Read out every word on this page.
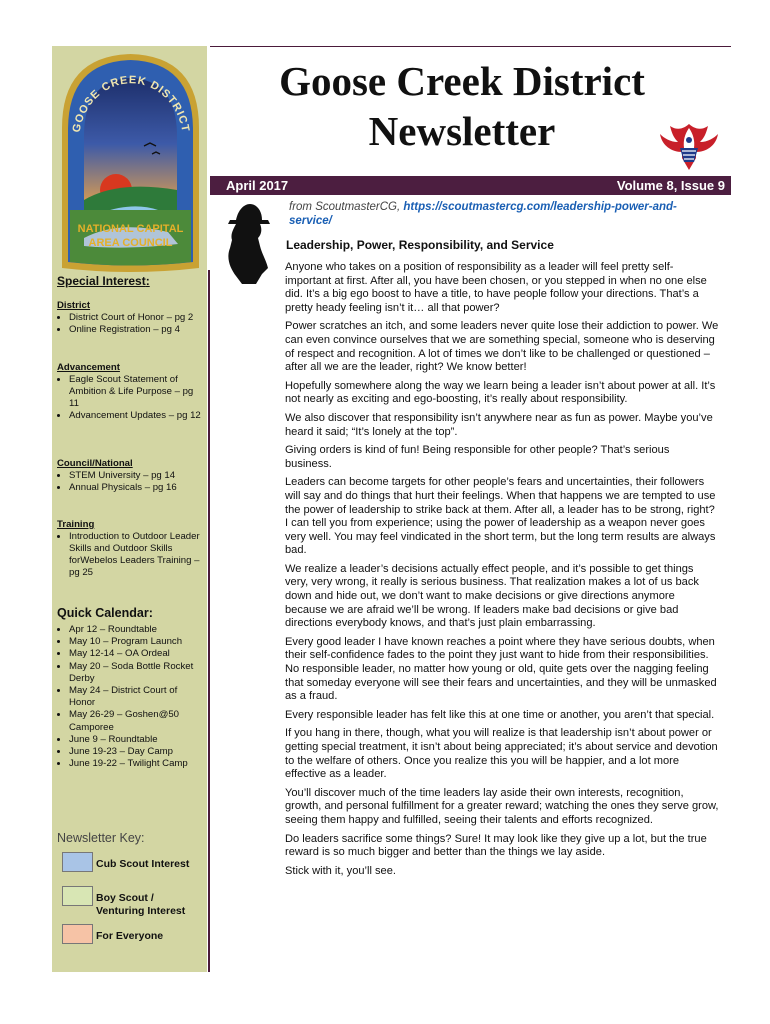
GOOSE CREEK DISTRICT
NATIONAL CAPITAL
AREA COUNCIL
Special Interest:
District
• District Court of Honor – pg 2
• Online Registration – pg 4
Advancement
• Eagle Scout Statement of Ambition & Life Purpose – pg 11
• Advancement Updates – pg 12
Council/National
• STEM University – pg 14
• Annual Physicals – pg 16
Training
• Introduction to Outdoor Leader Skills and Outdoor Skills forWebelos Leaders Training –pg 25
Quick Calendar:
• Apr 12 – Roundtable
• May 10 – Program Launch
• May 12-14 – OA Ordeal
• May 20 – Soda Bottle Rocket Derby
• May 24 – District Court of Honor
• May 26-29 – Goshen@50 Camporee
• June 9 – Roundtable
• June 19-23 – Day Camp
• June 19-22 – Twilight Camp
Newsletter Key:
Cub Scout Interest
Boy Scout / Venturing Interest
For Everyone
Goose Creek District
Newsletter
April 2017	Volume 8, Issue 9
from ScoutmasterCG, https://scoutmastercg.com/leadership-power-and-service/
Leadership, Power, Responsibility, and Service

Anyone who takes on a position of responsibility as a leader will feel pretty self-important at first. After all, you have been chosen, or you stepped in when no one else did. It’s a big ego boost to have a title, to have people follow your directions. That’s a pretty heady feeling isn’t it… all that power?

Power scratches an itch, and some leaders never quite lose their addiction to power. We can even convince ourselves that we are something special, someone who is deserving of respect and recognition. A lot of times we don’t like to be challenged or questioned – after all we are the leader, right? We know better!

Hopefully somewhere along the way we learn being a leader isn’t about power at all. It’s not nearly as exciting and ego-boosting, it’s really about responsibility.

We also discover that responsibility isn’t anywhere near as fun as power. Maybe you’ve heard it said; “It’s lonely at the top”.

Giving orders is kind of fun! Being responsible for other people? That’s serious business.

Leaders can become targets for other people’s fears and uncertainties, their followers will say and do things that hurt their feelings. When that happens we are tempted to use the power of leadership to strike back at them. After all, a leader has to be strong, right? I can tell you from experience; using the power of leadership as a weapon never goes very well. You may feel vindicated in the short term, but the long term results are always bad.

We realize a leader’s decisions actually effect people, and it’s possible to get things very, very wrong, it really is serious business. That realization makes a lot of us back down and hide out, we don’t want to make decisions or give directions anymore because we are afraid we’ll be wrong. If leaders make bad decisions or give bad directions everybody knows, and that’s just plain embarrassing.

Every good leader I have known reaches a point where they have serious doubts, when their self-confidence fades to the point they just want to hide from their responsibilities. No responsible leader, no matter how young or old, quite gets over the nagging feeling that someday everyone will see their fears and uncertainties, and they will be unmasked as a fraud.

Every responsible leader has felt like this at one time or another, you aren’t that special.

If you hang in there, though, what you will realize is that leadership isn’t about power or getting special treatment, it isn’t about being appreciated; it’s about service and devotion to the welfare of others. Once you realize this you will be happier, and a lot more effective as a leader.

You’ll discover much of the time leaders lay aside their own interests, recognition, growth, and personal fulfillment for a greater reward; watching the ones they serve grow, seeing them happy and fulfilled, seeing their talents and efforts recognized.

Do leaders sacrifice some things? Sure! It may look like they give up a lot, but the true reward is so much bigger and better than the things we lay aside.

Stick with it, you’ll see.
